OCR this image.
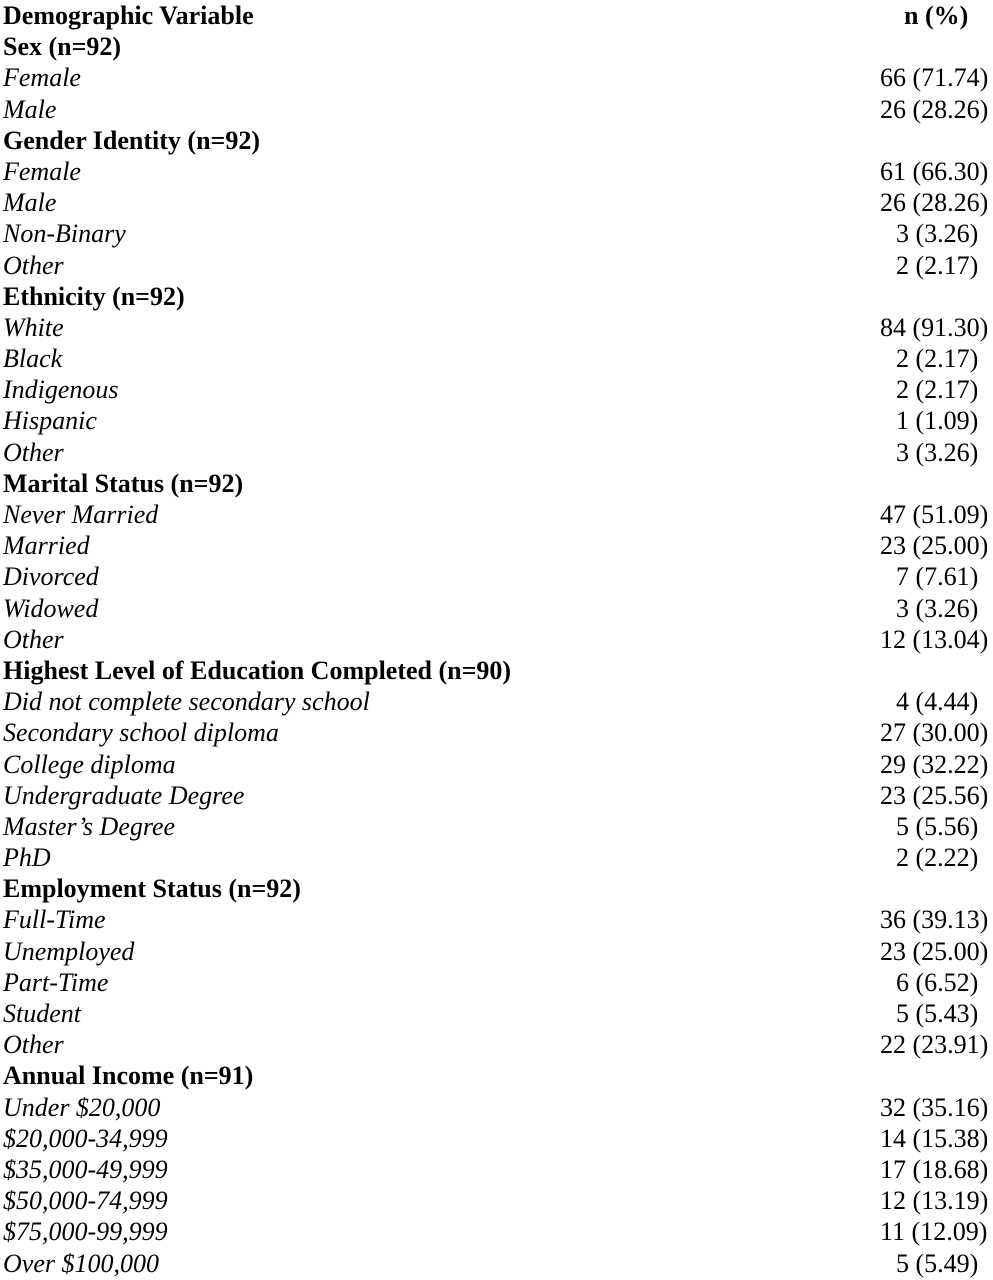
Demographic Variable	n (%)
Sex (n=92)
Female	66 (71.74)
Male	26 (28.26)
Gender Identity (n=92)
Female	61 (66.30)
Male	26 (28.26)
Non-Binary	3 (3.26)
Other	2 (2.17)
Ethnicity (n=92)
White	84 (91.30)
Black	2 (2.17)
Indigenous	2 (2.17)
Hispanic	1 (1.09)
Other	3 (3.26)
Marital Status (n=92)
Never Married	47 (51.09)
Married	23 (25.00)
Divorced	7 (7.61)
Widowed	3 (3.26)
Other	12 (13.04)
Highest Level of Education Completed (n=90)
Did not complete secondary school	4 (4.44)
Secondary school diploma	27 (30.00)
College diploma	29 (32.22)
Undergraduate Degree	23 (25.56)
Master’s Degree	5 (5.56)
PhD	2 (2.22)
Employment Status (n=92)
Full-Time	36 (39.13)
Unemployed	23 (25.00)
Part-Time	6 (6.52)
Student	5 (5.43)
Other	22 (23.91)
Annual Income (n=91)
Under $20,000	32 (35.16)
$20,000-34,999	14 (15.38)
$35,000-49,999	17 (18.68)
$50,000-74,999	12 (13.19)
$75,000-99,999	11 (12.09)
Over $100,000	5 (5.49)
